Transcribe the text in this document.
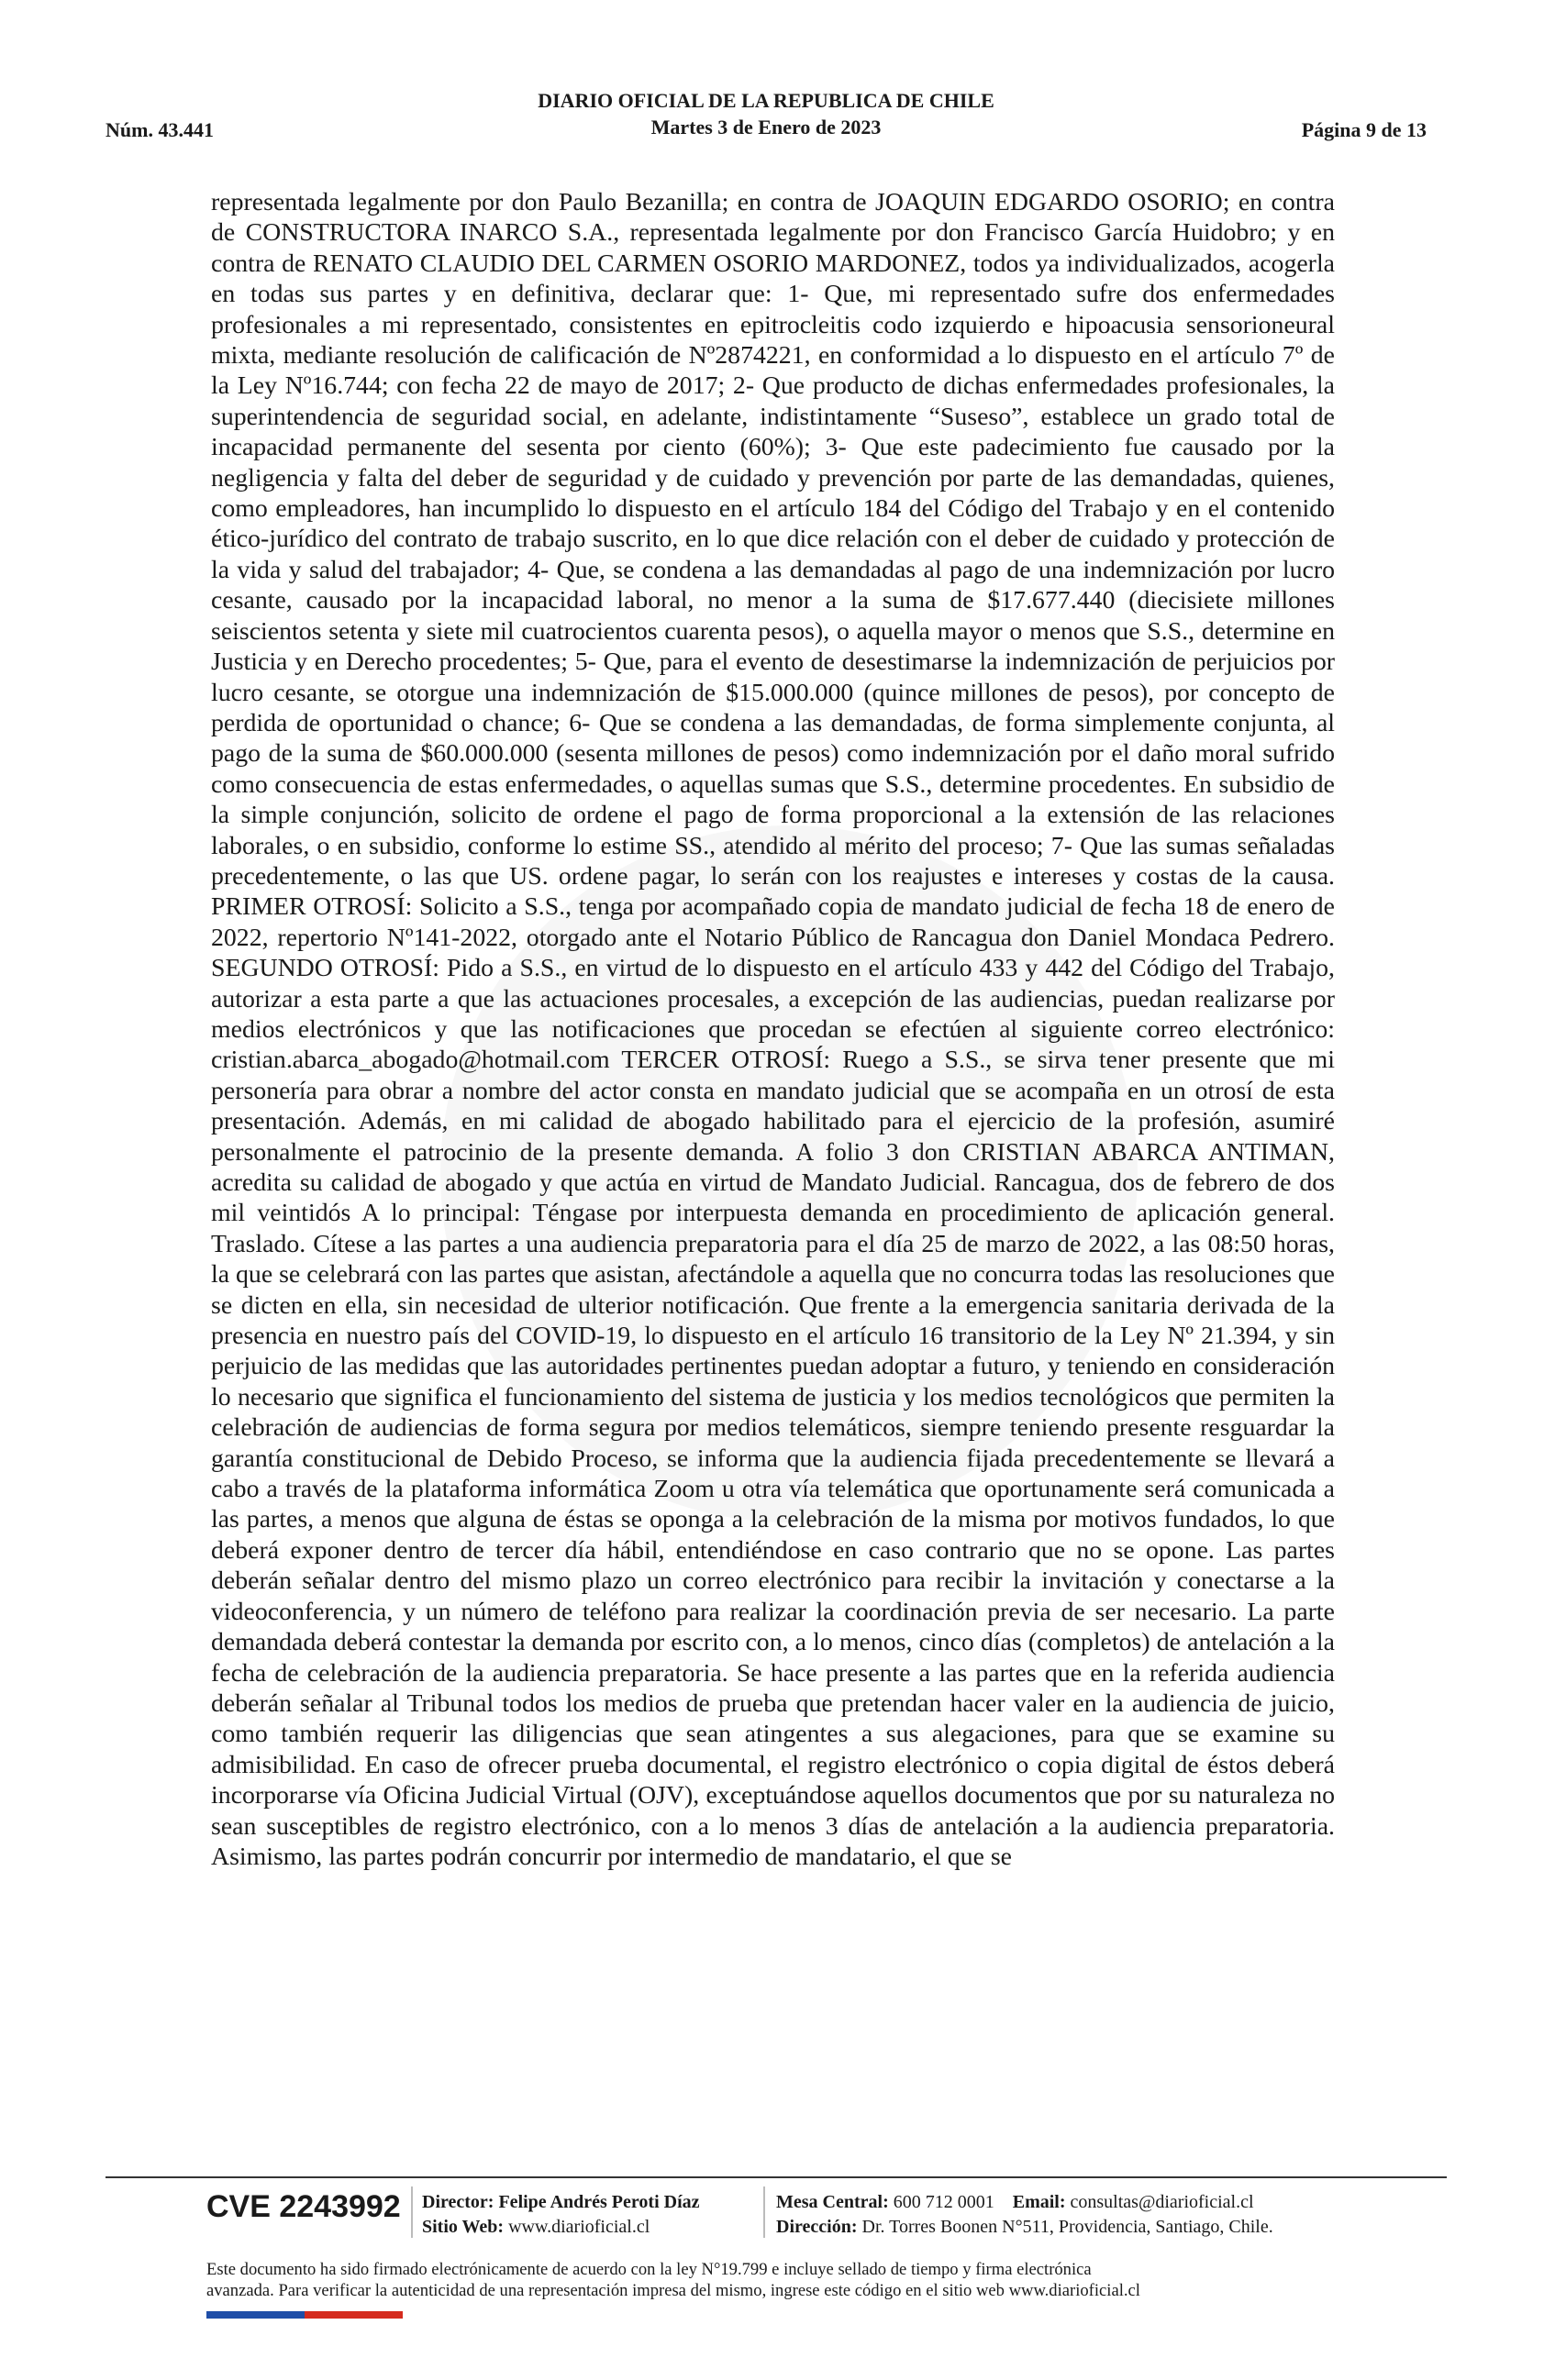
Núm. 43.441
DIARIO OFICIAL DE LA REPUBLICA DE CHILE
Martes 3 de Enero de 2023	Página 9 de 13

representada legalmente por don Paulo Bezanilla; en contra de JOAQUIN EDGARDO OSORIO; en contra de CONSTRUCTORA INARCO S.A., representada legalmente por don Francisco García Huidobro; y en contra de RENATO CLAUDIO DEL CARMEN OSORIO MARDONEZ, todos ya individualizados, acogerla en todas sus partes y en definitiva, declarar que: 1- Que, mi representado sufre dos enfermedades profesionales a mi representado, consistentes en epitrocleitis codo izquierdo e hipoacusia sensorioneural mixta, mediante resolución de calificación de Nº2874221, en conformidad a lo dispuesto en el artículo 7º de la Ley Nº16.744; con fecha 22 de mayo de 2017; 2- Que producto de dichas enfermedades profesionales, la superintendencia de seguridad social, en adelante, indistintamente “Suseso”, establece un grado total de incapacidad permanente del sesenta por ciento (60%); 3- Que este padecimiento fue causado por la negligencia y falta del deber de seguridad y de cuidado y prevención por parte de las demandadas, quienes, como empleadores, han incumplido lo dispuesto en el artículo 184 del Código del Trabajo y en el contenido ético-jurídico del contrato de trabajo suscrito, en lo que dice relación con el deber de cuidado y protección de la vida y salud del trabajador; 4- Que, se condena a las demandadas al pago de una indemnización por lucro cesante, causado por la incapacidad laboral, no menor a la suma de $17.677.440 (diecisiete millones seiscientos setenta y siete mil cuatrocientos cuarenta pesos), o aquella mayor o menos que S.S., determine en Justicia y en Derecho procedentes; 5- Que, para el evento de desestimarse la indemnización de perjuicios por lucro cesante, se otorgue una indemnización de $15.000.000 (quince millones de pesos), por concepto de perdida de oportunidad o chance; 6- Que se condena a las demandadas, de forma simplemente conjunta, al pago de la suma de $60.000.000 (sesenta millones de pesos) como indemnización por el daño moral sufrido como consecuencia de estas enfermedades, o aquellas sumas que S.S., determine procedentes. En subsidio de la simple conjunción, solicito de ordene el pago de forma proporcional a la extensión de las relaciones laborales, o en subsidio, conforme lo estime SS., atendido al mérito del proceso; 7- Que las sumas señaladas precedentemente, o las que US. ordene pagar, lo serán con los reajustes e intereses y costas de la causa. PRIMER OTROSÍ: Solicito a S.S., tenga por acompañado copia de mandato judicial de fecha 18 de enero de 2022, repertorio Nº141-2022, otorgado ante el Notario Público de Rancagua don Daniel Mondaca Pedrero. SEGUNDO OTROSÍ: Pido a S.S., en virtud de lo dispuesto en el artículo 433 y 442 del Código del Trabajo, autorizar a esta parte a que las actuaciones procesales, a excepción de las audiencias, puedan realizarse por medios electrónicos y que las notificaciones que procedan se efectúen al siguiente correo electrónico: cristian.abarca_abogado@hotmail.com TERCER OTROSÍ: Ruego a S.S., se sirva tener presente que mi personería para obrar a nombre del actor consta en mandato judicial que se acompaña en un otrosí de esta presentación. Además, en mi calidad de abogado habilitado para el ejercicio de la profesión, asumiré personalmente el patrocinio de la presente demanda. A folio 3 don CRISTIAN ABARCA ANTIMAN, acredita su calidad de abogado y que actúa en virtud de Mandato Judicial. Rancagua, dos de febrero de dos mil veintidós A lo principal: Téngase por interpuesta demanda en procedimiento de aplicación general. Traslado. Cítese a las partes a una audiencia preparatoria para el día 25 de marzo de 2022, a las 08:50 horas, la que se celebrará con las partes que asistan, afectándole a aquella que no concurra todas las resoluciones que se dicten en ella, sin necesidad de ulterior notificación. Que frente a la emergencia sanitaria derivada de la presencia en nuestro país del COVID-19, lo dispuesto en el artículo 16 transitorio de la Ley Nº 21.394, y sin perjuicio de las medidas que las autoridades pertinentes puedan adoptar a futuro, y teniendo en consideración lo necesario que significa el funcionamiento del sistema de justicia y los medios tecnológicos que permiten la celebración de audiencias de forma segura por medios telemáticos, siempre teniendo presente resguardar la garantía constitucional de Debido Proceso, se informa que la audiencia fijada precedentemente se llevará a cabo a través de la plataforma informática Zoom u otra vía telemática que oportunamente será comunicada a las partes, a menos que alguna de éstas se oponga a la celebración de la misma por motivos fundados, lo que deberá exponer dentro de tercer día hábil, entendiéndose en caso contrario que no se opone. Las partes deberán señalar dentro del mismo plazo un correo electrónico para recibir la invitación y conectarse a la videoconferencia, y un número de teléfono para realizar la coordinación previa de ser necesario. La parte demandada deberá contestar la demanda por escrito con, a lo menos, cinco días (completos) de antelación a la fecha de celebración de la audiencia preparatoria. Se hace presente a las partes que en la referida audiencia deberán señalar al Tribunal todos los medios de prueba que pretendan hacer valer en la audiencia de juicio, como también requerir las diligencias que sean atingentes a sus alegaciones, para que se examine su admisibilidad. En caso de ofrecer prueba documental, el registro electrónico o copia digital de éstos deberá incorporarse vía Oficina Judicial Virtual (OJV), exceptuándose aquellos documentos que por su naturaleza no sean susceptibles de registro electrónico, con a lo menos 3 días de antelación a la audiencia preparatoria. Asimismo, las partes podrán concurrir por intermedio de mandatario, el que se

CVE 2243992 Director: Felipe Andrés Peroti Díaz
Sitio Web: www.diarioficial.cl
Mesa Central: 600 712 0001 Email: consultas@diarioficial.cl
Dirección: Dr. Torres Boonen N°511, Providencia, Santiago, Chile.
Este documento ha sido firmado electrónicamente de acuerdo con la ley N°19.799 e incluye sellado de tiempo y firma electrónica
avanzada. Para verificar la autenticidad de una representación impresa del mismo, ingrese este código en el sitio web www.diarioficial.cl
